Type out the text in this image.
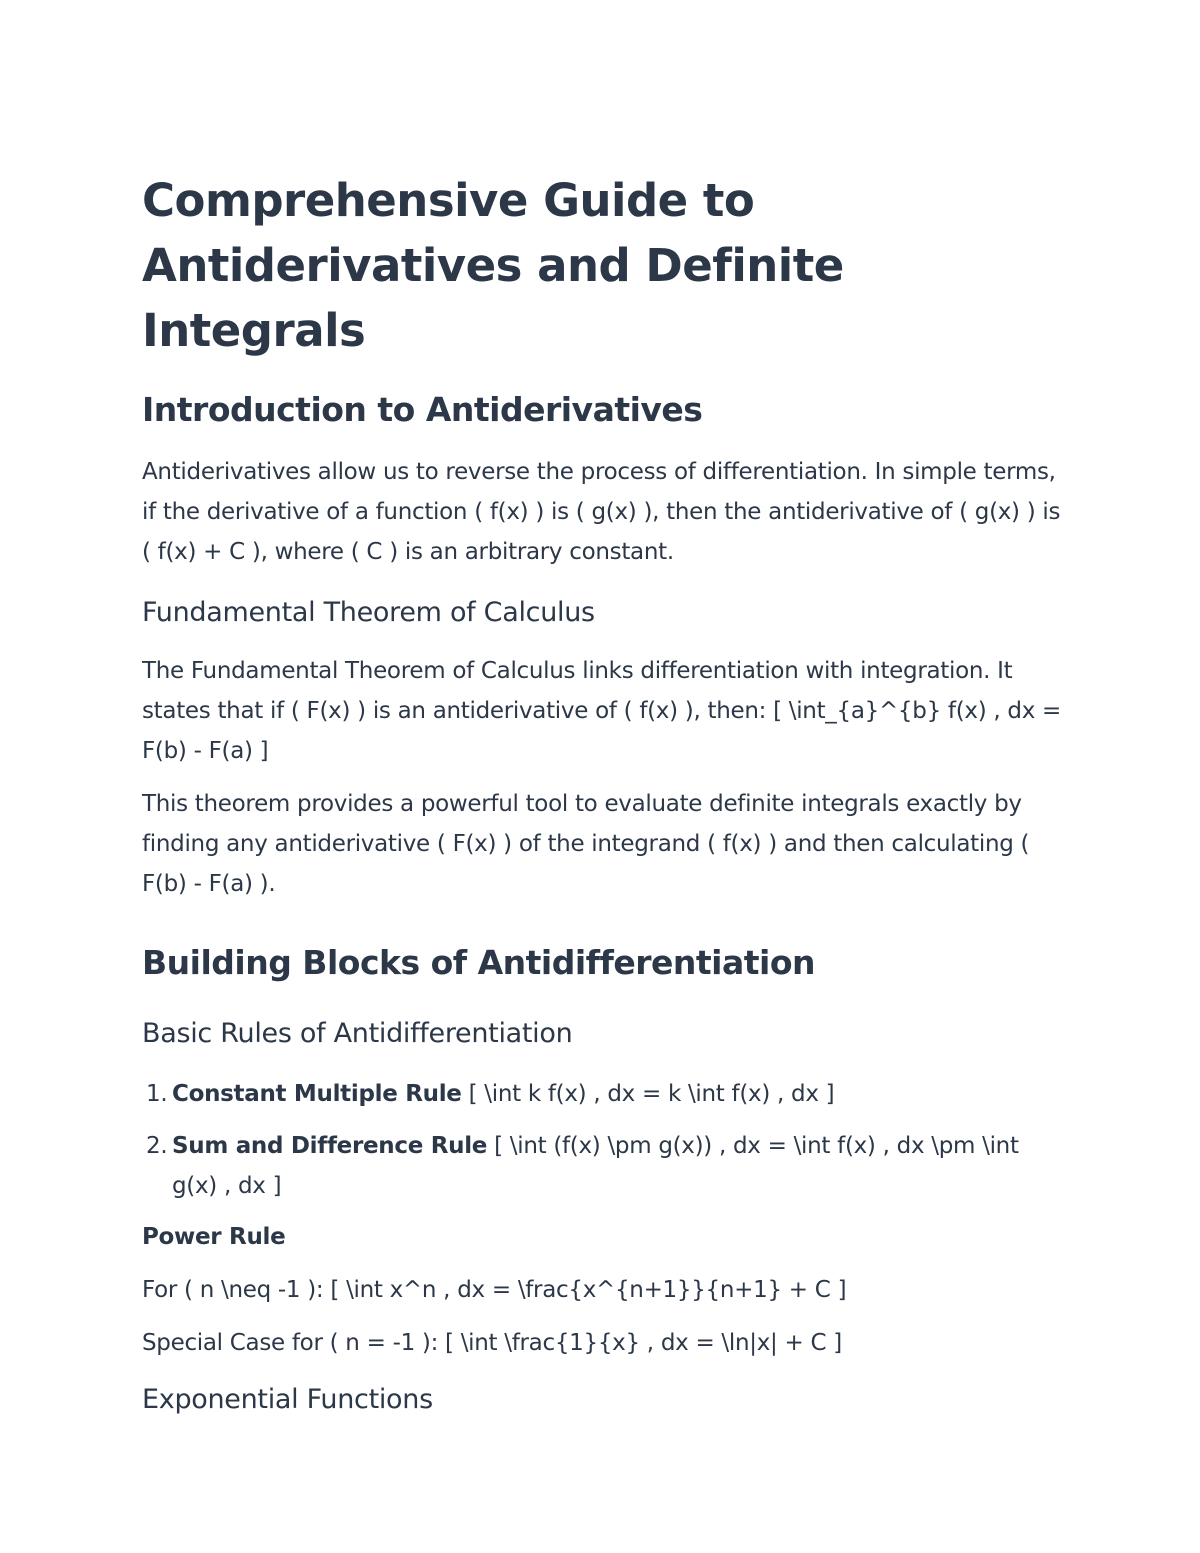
Comprehensive Guide to Antiderivatives and Definite Integrals
Introduction to Antiderivatives

Antiderivatives allow us to reverse the process of differentiation. In simple terms, if the derivative of a function ( f(x) ) is ( g(x) ), then the antiderivative of ( g(x) ) is ( f(x) + C ), where ( C ) is an arbitrary constant.

Fundamental Theorem of Calculus

The Fundamental Theorem of Calculus links differentiation with integration. It states that if ( F(x) ) is an antiderivative of ( f(x) ), then: [ \int_{a}^{b} f(x) , dx = F(b) - F(a) ]

This theorem provides a powerful tool to evaluate definite integrals exactly by finding any antiderivative ( F(x) ) of the integrand ( f(x) ) and then calculating ( F(b) - F(a) ).

Building Blocks of Antidifferentiation
Basic Rules of Antidifferentiation
1. Constant Multiple Rule [ \int k f(x) , dx = k \int f(x) , dx ]
2. Sum and Difference Rule [ \int (f(x) \pm g(x)) , dx = \int f(x) , dx \pm \int g(x) , dx ]
Power Rule

For ( n \neq -1 ): [ \int x^n , dx = \frac{x^{n+1}}{n+1} + C ]

Special Case for ( n = -1 ): [ \int \frac{1}{x} , dx = \ln|x| + C ]

Exponential Functions
